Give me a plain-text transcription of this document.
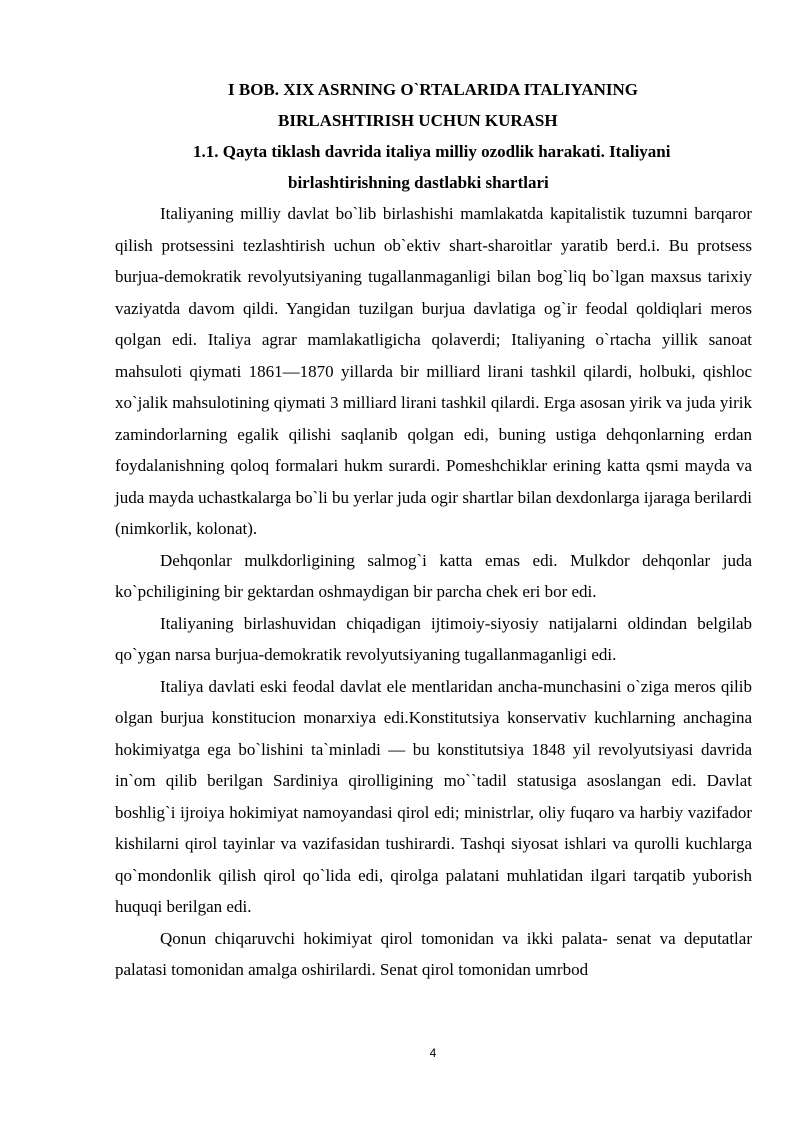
I BOB. XIX ASRNING O`RTALARIDA ITALIYANING

BIRLASHTIRISH UCHUN KURASH

1.1. Qayta tiklash davrida italiya milliy ozodlik harakati. Italiyani

birlashtirishning dastlabki shartlari

Italiyaning milliy davlat bo`lib birlashishi mamlakatda kapitalistik tuzumni barqaror qilish protsessini tezlashtirish uchun ob`ektiv shart-sharoitlar yaratib berd.i. Bu protsess burjua-demokratik revolyutsiyaning tugallanmaganligi bilan bog`liq bo`lgan maxsus tarixiy vaziyatda davom qildi. Yangidan tuzilgan burjua davlatiga og`ir feodal qoldiqlari meros qolgan edi. Italiya agrar mamlakatligicha qolaverdi; Italiyaning o`rtacha yillik sanoat mahsuloti qiymati 1861—1870 yillarda bir milliard lirani tashkil qilardi, holbuki, qishloc xo`jalik mahsulotining qiymati 3 milliard lirani tashkil qilardi. Erga asosan yirik va juda yirik zamindorlarning egalik qilishi saqlanib qolgan edi, buning ustiga dehqonlarning erdan foydalanishning qoloq formalari hukm surardi. Pomeshchiklar erining katta qsmi mayda va juda mayda uchastkalarga bo`li bu yerlar juda ogir shartlar bilan dexdonlarga ijaraga berilardi (nimkorlik, kolonat).

Dehqonlar mulkdorligining salmog`i katta emas edi. Mulkdor dehqonlar juda ko`pchiligining bir gektardan oshmaydigan bir parcha chek eri bor edi.

Italiyaning birlashuvidan chiqadigan ijtimoiy-siyosiy natijalarni oldindan belgilab qo`ygan narsa burjua-demokratik revolyutsiyaning tugallanmaganligi edi.

Italiya davlati eski feodal davlat ele mentlaridan ancha-munchasini o`ziga meros qilib olgan burjua konstitucion monarxiya edi.Konstitutsiya konservativ kuchlarning anchagina hokimiyatga ega bo`lishini ta`minladi — bu konstitutsiya 1848 yil revolyutsiyasi davrida in`om qilib berilgan Sardiniya qirolligining mo``tadil statusiga asoslangan edi. Davlat boshlig`i ijroiya hokimiyat namoyandasi qirol edi; ministrlar, oliy fuqaro va harbiy vazifador kishilarni qirol tayinlar va vazifasidan tushirardi. Tashqi siyosat ishlari va qurolli kuchlarga qo`mondonlik qilish qirol qo`lida edi, qirolga palatani muhlatidan ilgari tarqatib yuborish huquqi berilgan edi.

Qonun chiqaruvchi hokimiyat qirol tomonidan va ikki palata- senat va deputatlar palatasi tomonidan amalga oshirilardi. Senat qirol tomonidan umrbod

4
